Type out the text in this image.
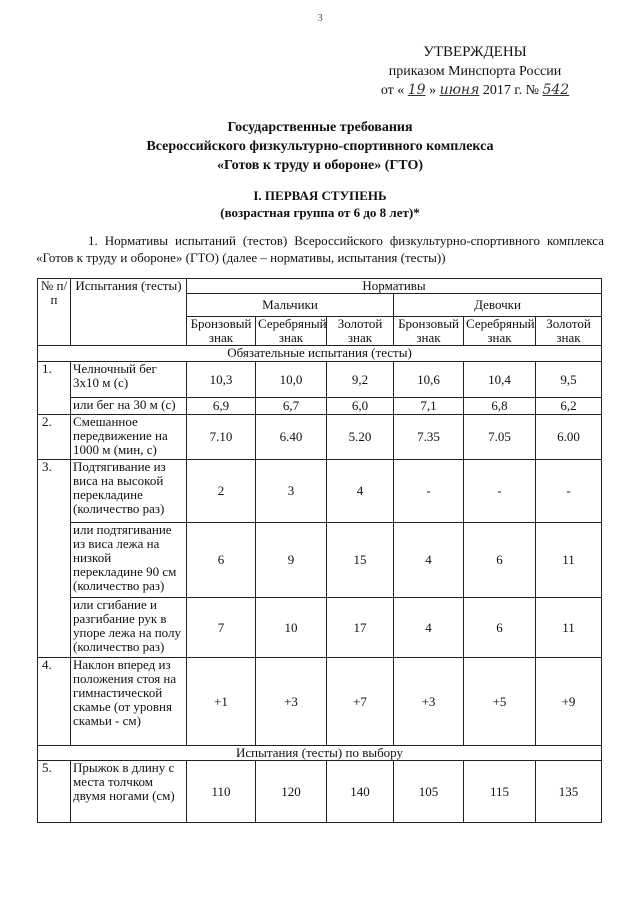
3
УТВЕРЖДЕНЫ
приказом Минспорта России
от « 19 » июня 2017 г. № 542
Государственные требования
Всероссийского физкультурно-спортивного комплекса
«Готов к труду и обороне» (ГТО)
I. ПЕРВАЯ СТУПЕНЬ
(возрастная группа от 6 до 8 лет)*
1. Нормативы испытаний (тестов) Всероссийского физкультурно-спортивного комплекса «Готов к труду и обороне» (ГТО) (далее – нормативы, испытания (тесты))
№ п/п	Испытания (тесты)	Нормативы					
		Мальчики			Девочки		
		Бронзовый знак	Серебряный знак	Золотой знак	Бронзовый знак	Серебряный знак	Золотой знак
Обязательные испытания (тесты)							
1.	Челночный бег 3х10 м (с)	10,3	10,0	9,2	10,6	10,4	9,5
	или бег на 30 м (с)	6,9	6,7	6,0	7,1	6,8	6,2
2.	Смешанное передвижение на 1000 м (мин, с)	7.10	6.40	5.20	7.35	7.05	6.00
3.	Подтягивание из виса на высокой перекладине (количество раз)	2	3	4	-	-	-
	или подтягивание из виса лежа на низкой перекладине 90 см (количество раз)	6	9	15	4	6	11
	или сгибание и разгибание рук в упоре лежа на полу (количество раз)	7	10	17	4	6	11
4.	Наклон вперед из положения стоя на гимнастической скамье (от уровня скамьи - см)	+1	+3	+7	+3	+5	+9
Испытания (тесты) по выбору							
5.	Прыжок в длину с места толчком двумя ногами (см)	110	120	140	105	115	135
